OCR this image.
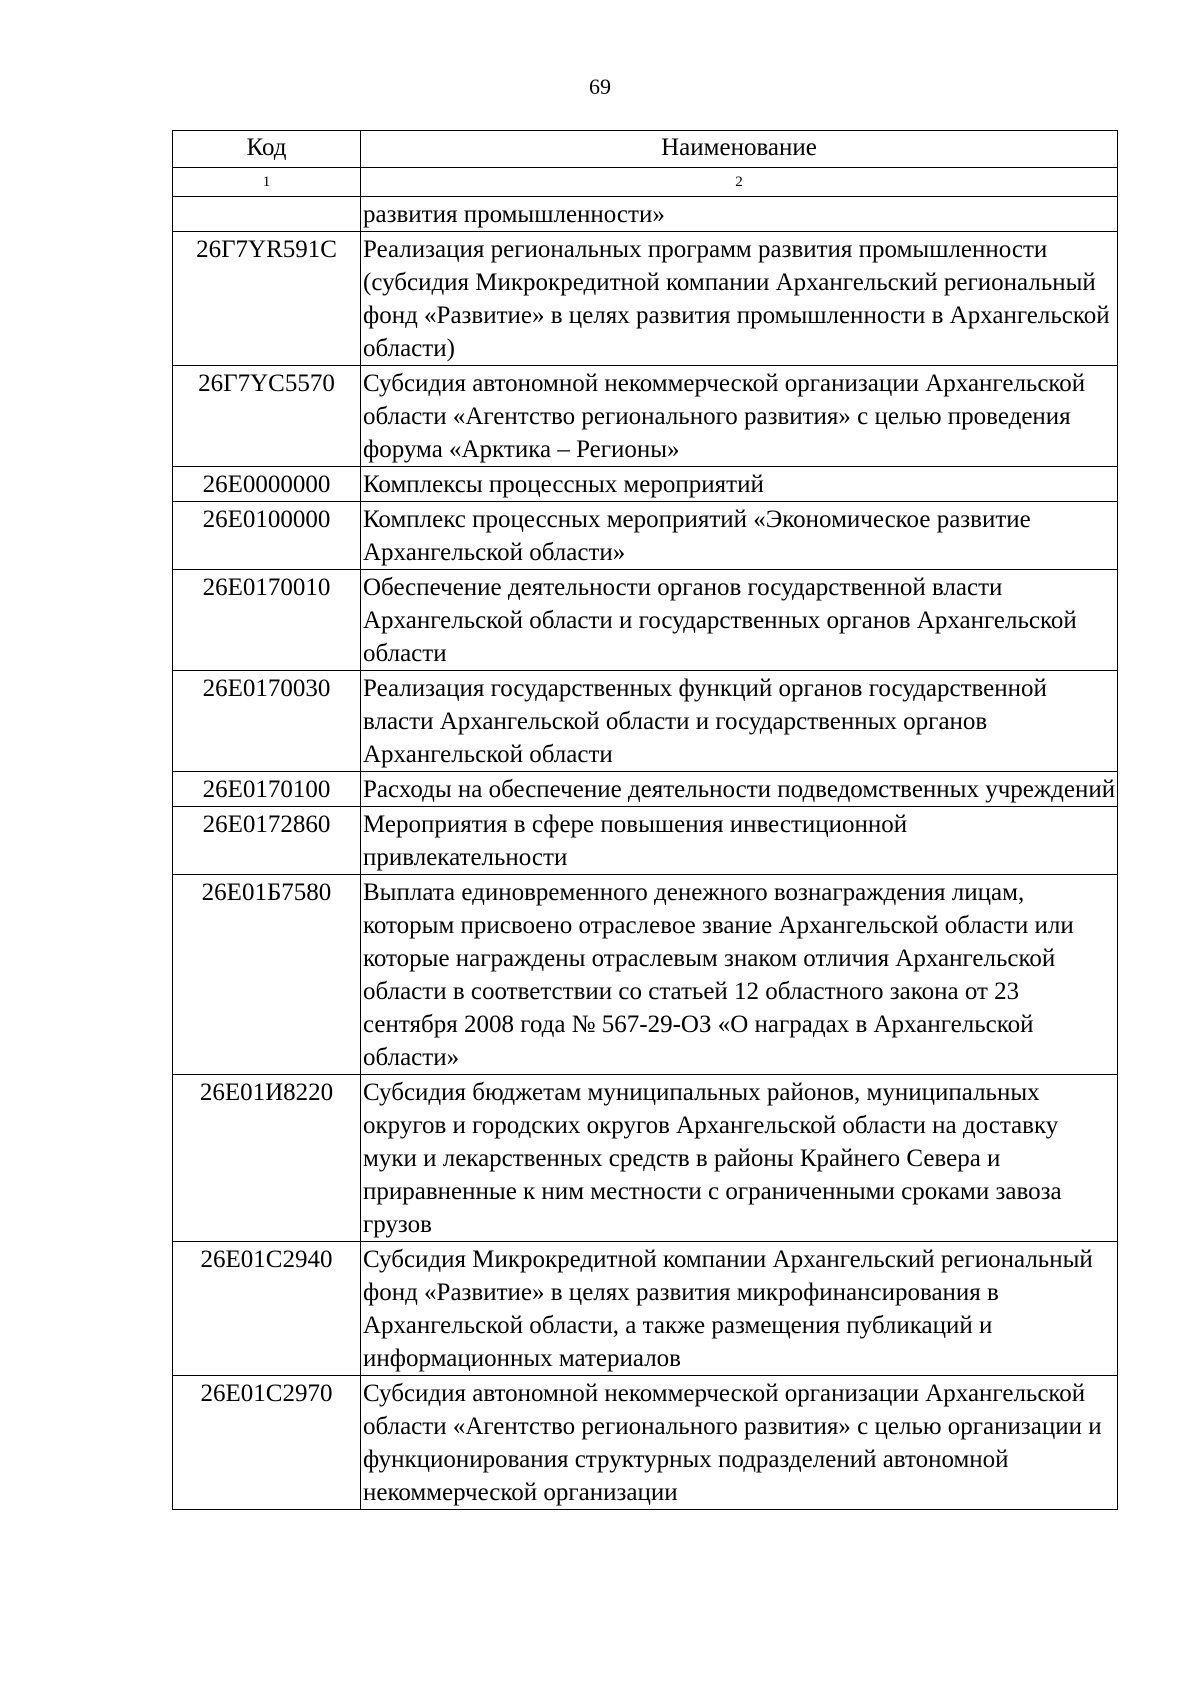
69
Код	Наименование
1	2
	развития промышленности»
26Г7YR591C	Реализация региональных программ развития промышленности (субсидия Микрокредитной компании Архангельский региональный фонд «Развитие» в целях развития промышленности в Архангельской области)
26Г7YC5570	Субсидия автономной некоммерческой организации Архангельской области «Агентство регионального развития» с целью проведения форума «Арктика – Регионы»
26Е0000000	Комплексы процессных мероприятий
26Е0100000	Комплекс процессных мероприятий «Экономическое развитие Архангельской области»
26Е0170010	Обеспечение деятельности органов государственной власти Архангельской области и государственных органов Архангельской области
26Е0170030	Реализация государственных функций органов государственной власти Архангельской области и государственных органов Архангельской области
26Е0170100	Расходы на обеспечение деятельности подведомственных учреждений
26Е0172860	Мероприятия в сфере повышения инвестиционной привлекательности
26Е01Б7580	Выплата единовременного денежного вознаграждения лицам, которым присвоено отраслевое звание Архангельской области или которые награждены отраслевым знаком отличия Архангельской области в соответствии со статьей 12 областного закона от 23 сентября 2008 года № 567-29-ОЗ «О наградах в Архангельской области»
26Е01И8220	Субсидия бюджетам муниципальных районов, муниципальных округов и городских округов Архангельской области на доставку муки и лекарственных средств в районы Крайнего Севера и приравненные к ним местности с ограниченными сроками завоза грузов
26Е01С2940	Субсидия Микрокредитной компании Архангельский региональный фонд «Развитие» в целях развития микрофинансирования в Архангельской области, а также размещения публикаций и информационных материалов
26Е01С2970	Субсидия автономной некоммерческой организации Архангельской области «Агентство регионального развития» с целью организации и функционирования структурных подразделений автономной некоммерческой организации
